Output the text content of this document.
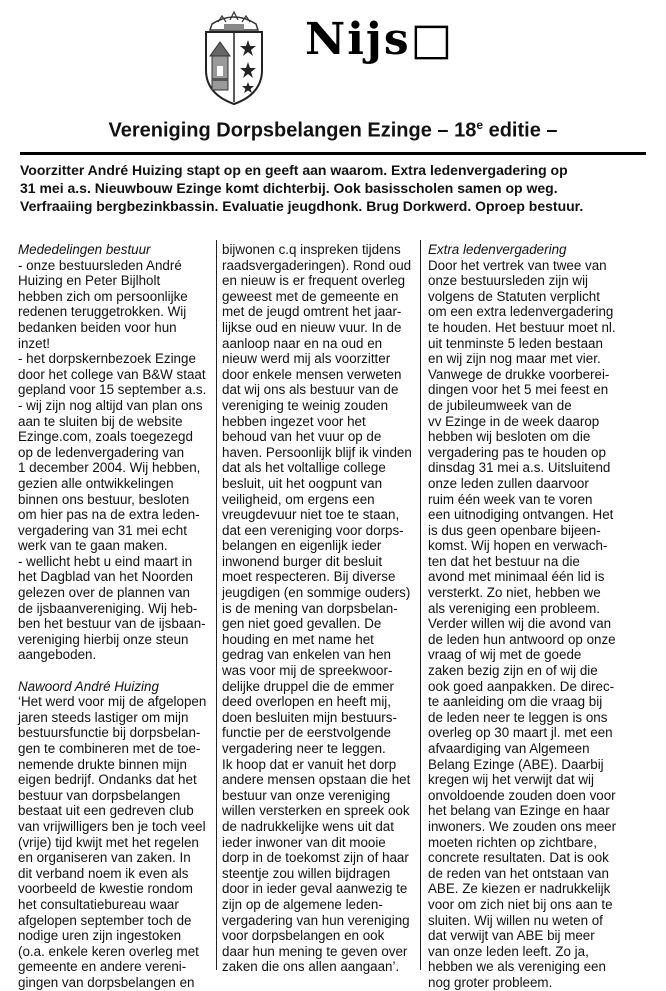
Nijs□
Vereniging Dorpsbelangen Ezinge – 18e editie –
Voorzitter André Huizing stapt op en geeft aan waarom. Extra ledenvergadering op
31 mei a.s. Nieuwbouw Ezinge komt dichterbij. Ook basisscholen samen op weg.
Verfraaiing bergbezinkbassin. Evaluatie jeugdhonk. Brug Dorkwerd. Oproep bestuur.
Mededelingen bestuur
- onze bestuursleden André
Huizing en Peter Bijlholt
hebben zich om persoonlijke
redenen teruggetrokken. Wij
bedanken beiden voor hun
inzet!
- het dorpskernbezoek Ezinge
door het college van B&W staat
gepland voor 15 september a.s.
- wij zijn nog altijd van plan ons
aan te sluiten bij de website
Ezinge.com, zoals toegezegd
op de ledenvergadering van
1 december 2004. Wij hebben,
gezien alle ontwikkelingen
binnen ons bestuur, besloten
om hier pas na de extra leden-
vergadering van 31 mei echt
werk van te gaan maken.
- wellicht hebt u eind maart in
het Dagblad van het Noorden
gelezen over de plannen van
de ijsbaanvereniging. Wij heb-
ben het bestuur van de ijsbaan-
vereniging hierbij onze steun
aangeboden.

Nawoord André Huizing
‘Het werd voor mij de afgelopen
jaren steeds lastiger om mijn
bestuursfunctie bij dorpsbelan-
gen te combineren met de toe-
nemende drukte binnen mijn
eigen bedrijf. Ondanks dat het
bestuur van dorpsbelangen
bestaat uit een gedreven club
van vrijwilligers ben je toch veel
(vrije) tijd kwijt met het regelen
en organiseren van zaken. In
dit verband noem ik even als
voorbeeld de kwestie rondom
het consultatiebureau waar
afgelopen september toch de
nodige uren zijn ingestoken
(o.a. enkele keren overleg met
gemeente en andere vereni-
gingen van dorpsbelangen en
bijwonen c.q inspreken tijdens
raadsvergaderingen). Rond oud
en nieuw is er frequent overleg
geweest met de gemeente en
met de jeugd omtrent het jaar-
lijkse oud en nieuw vuur. In de
aanloop naar en na oud en
nieuw werd mij als voorzitter
door enkele mensen verweten
dat wij ons als bestuur van de
vereniging te weinig zouden
hebben ingezet voor het
behoud van het vuur op de
haven. Persoonlijk blijf ik vinden
dat als het voltallige college
besluit, uit het oogpunt van
veiligheid, om ergens een
vreugdevuur niet toe te staan,
dat een vereniging voor dorps-
belangen en eigenlijk ieder
inwonend burger dit besluit
moet respecteren. Bij diverse
jeugdigen (en sommige ouders)
is de mening van dorpsbelan-
gen niet goed gevallen. De
houding en met name het
gedrag van enkelen van hen
was voor mij de spreekwoor-
delijke druppel die de emmer
deed overlopen en heeft mij,
doen besluiten mijn bestuurs-
functie per de eerstvolgende
vergadering neer te leggen.
Ik hoop dat er vanuit het dorp
andere mensen opstaan die het
bestuur van onze vereniging
willen versterken en spreek ook
de nadrukkelijke wens uit dat
ieder inwoner van dit mooie
dorp in de toekomst zijn of haar
steentje zou willen bijdragen
door in ieder geval aanwezig te
zijn op de algemene leden-
vergadering van hun vereniging
voor dorpsbelangen en ook
daar hun mening te geven over
zaken die ons allen aangaan’.
Extra ledenvergadering
Door het vertrek van twee van
onze bestuursleden zijn wij
volgens de Statuten verplicht
om een extra ledenvergadering
te houden. Het bestuur moet nl.
uit tenminste 5 leden bestaan
en wij zijn nog maar met vier.
Vanwege de drukke voorberei-
dingen voor het 5 mei feest en
de jubileumweek van de
vv Ezinge in de week daarop
hebben wij besloten om die
vergadering pas te houden op
dinsdag 31 mei a.s. Uitsluitend
onze leden zullen daarvoor
ruim één week van te voren
een uitnodiging ontvangen. Het
is dus geen openbare bijeen-
komst. Wij hopen en verwach-
ten dat het bestuur na die
avond met minimaal één lid is
versterkt. Zo niet, hebben we
als vereniging een probleem.
Verder willen wij die avond van
de leden hun antwoord op onze
vraag of wij met de goede
zaken bezig zijn en of wij die
ook goed aanpakken. De direc-
te aanleiding om die vraag bij
de leden neer te leggen is ons
overleg op 30 maart jl. met een
afvaardiging van Algemeen
Belang Ezinge (ABE). Daarbij
kregen wij het verwijt dat wij
onvoldoende zouden doen voor
het belang van Ezinge en haar
inwoners. We zouden ons meer
moeten richten op zichtbare,
concrete resultaten. Dat is ook
de reden van het ontstaan van
ABE. Ze kiezen er nadrukkelijk
voor om zich niet bij ons aan te
sluiten. Wij willen nu weten of
dat verwijt van ABE bij meer
van onze leden leeft. Zo ja,
hebben we als vereniging een
nog groter probleem.
